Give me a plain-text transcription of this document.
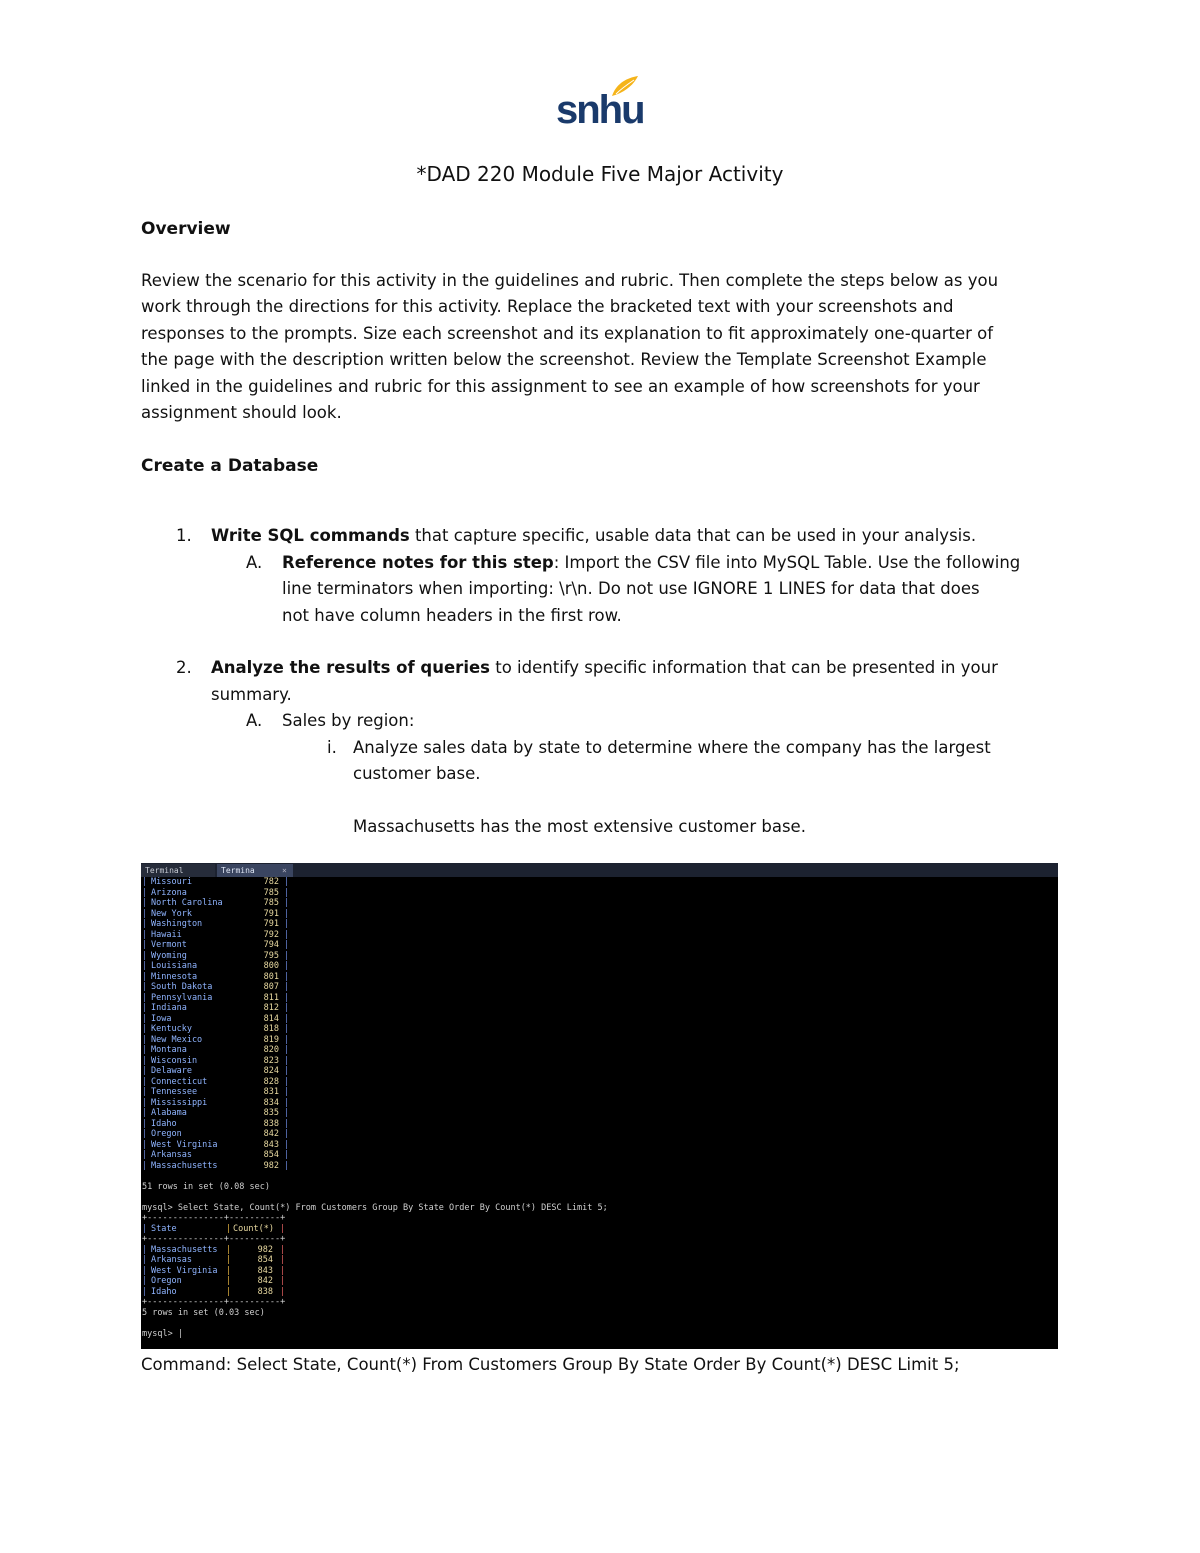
snhu
*DAD 220 Module Five Major Activity
Overview

Review the scenario for this activity in the guidelines and rubric. Then complete the steps below as you

work through the directions for this activity. Replace the bracketed text with your screenshots and

responses to the prompts. Size each screenshot and its explanation to fit approximately one-quarter of

the page with the description written below the screenshot. Review the Template Screenshot Example

linked in the guidelines and rubric for this assignment to see an example of how screenshots for your

assignment should look.

Create a Database
1. Write SQL commands that capture specific, usable data that can be used in your analysis.
A. Reference notes for this step: Import the CSV file into MySQL Table. Use the following
line terminators when importing: \r\n. Do not use IGNORE 1 LINES for data that does
not have column headers in the first row.
2. Analyze the results of queries to identify specific information that can be presented in your
summary.
A. Sales by region:
i. Analyze sales data by state to determine where the company has the largest
customer base.
Massachusetts has the most extensive customer base.
Terminal	Termina	×
| Missouri	782 |
| Arizona	785 |
| North Carolina	785 |
| New York	791 |
| Washington	791 |
| Hawaii	792 |
| Vermont	794 |
| Wyoming	795 |
| Louisiana	800 |
| Minnesota	801 |
| South Dakota	807 |
| Pennsylvania	811 |
| Indiana	812 |
| Iowa	814 |
| Kentucky	818 |
| New Mexico	819 |
| Montana	820 |
| Wisconsin	823 |
| Delaware	824 |
| Connecticut	828 |
| Tennessee	831 |
| Mississippi	834 |
| Alabama	835 |
| Idaho	838 |
| Oregon	842 |
| West Virginia	843 |
| Arkansas	854 |
| Massachusetts	982 |
51 rows in set (0.08 sec)
mysql> Select State, Count(*) From Customers Group By State Order By Count(*) DESC Limit 5;
+---------------+----------+
| State	| Count(*) |
+---------------+----------+
| Massachusetts |	982 |
| Arkansas	|	854 |
| West Virginia |	843 |
| Oregon	|	842 |
| Idaho	|	838 |
+---------------+----------+
5 rows in set (0.03 sec)
mysql> |
Command: Select State, Count(*) From Customers Group By State Order By Count(*) DESC Limit 5;
